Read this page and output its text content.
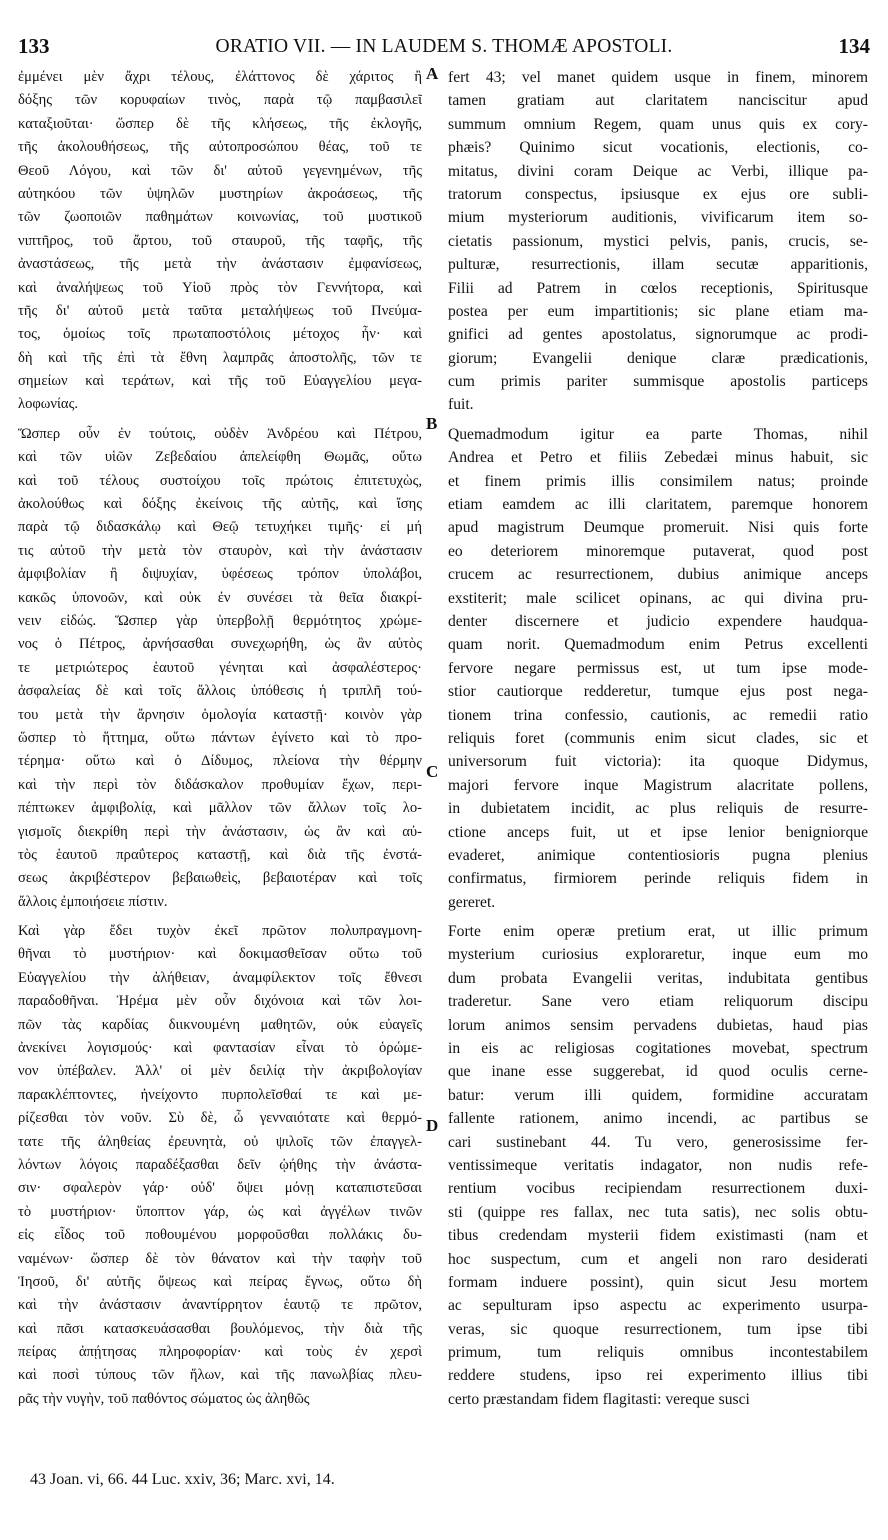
133	ORATIO VII. — IN LAUDEM S. THOMÆ APOSTOLI.	134
ἐμμένει μὲν ἄχρι τέλους, ἐλάττονος δὲ χάριτος ἢ
δόξης τῶν κορυφαίων τινὸς, παρὰ τῷ παμβασιλεῖ
καταξιοῦται· ὥσπερ δὲ τῆς κλήσεως, τῆς ἐκλογῆς,
τῆς ἀκολουθήσεως, τῆς αὐτοπροσώπου θέας, τοῦ τε
Θεοῦ Λόγου, καὶ τῶν δι' αὐτοῦ γεγενημένων, τῆς
αὐτηκόου τῶν ὑψηλῶν μυστηρίων ἀκροάσεως, τῆς
τῶν ζωοποιῶν παθημάτων κοινωνίας, τοῦ μυστικοῦ
νιπτῆρος, τοῦ ἄρτου, τοῦ σταυροῦ, τῆς ταφῆς, τῆς
ἀναστάσεως, τῆς μετὰ τὴν ἀνάστασιν ἐμφανίσεως,
καὶ ἀναλήψεως τοῦ Υἱοῦ πρὸς τὸν Γεννήτορα, καὶ
τῆς δι' αὐτοῦ μετὰ ταῦτα μεταλήψεως τοῦ Πνεύμα-
τος, ὁμοίως τοῖς πρωταποστόλοις μέτοχος ἦν· καὶ
δὴ καὶ τῆς ἐπὶ τὰ ἔθνη λαμπρᾶς ἀποστολῆς, τῶν τε
σημείων καὶ τεράτων, καὶ τῆς τοῦ Εὐαγγελίου μεγα-
λοφωνίας.
Ὥσπερ οὖν ἐν τούτοις, οὐδὲν Ἀνδρέου καὶ Πέτρου,
καὶ τῶν υἱῶν Ζεβεδαίου ἀπελείφθη Θωμᾶς, οὕτω
καὶ τοῦ τέλους συστοίχου τοῖς πρώτοις ἐπιτετυχὼς,
ἀκολούθως καὶ δόξης ἐκείνοις τῆς αὐτῆς, καὶ ἴσης
παρὰ τῷ διδασκάλῳ καὶ Θεῷ τετυχήκει τιμῆς· εἰ μή
τις αὐτοῦ τὴν μετὰ τὸν σταυρὸν, καὶ τὴν ἀνάστασιν
ἀμφιβολίαν ἢ διψυχίαν, ὑφέσεως τρόπον ὑπολάβοι,
κακῶς ὑπονοῶν, καὶ οὐκ ἐν συνέσει τὰ θεῖα διακρί-
νειν εἰδώς. Ὥσπερ γὰρ ὑπερβολῇ θερμότητος χρώμε-
νος ὁ Πέτρος, ἀρνήσασθαι συνεχωρήθη, ὡς ἂν αὐτὸς
τε μετριώτερος ἑαυτοῦ γένηται καὶ ἀσφαλέστερος·
ἀσφαλείας δὲ καὶ τοῖς ἄλλοις ὑπόθεσις ἡ τριπλῆ τού-
του μετὰ τὴν ἄρνησιν ὁμολογία καταστῇ· κοινὸν γὰρ
ὥσπερ τὸ ἥττημα, οὕτω πάντων ἐγίνετο καὶ τὸ προ-
τέρημα· οὕτω καὶ ὁ Δίδυμος, πλείονα τὴν θέρμην
καὶ τὴν περὶ τὸν διδάσκαλον προθυμίαν ἔχων, περι-
πέπτωκεν ἀμφιβολίᾳ, καὶ μᾶλλον τῶν ἄλλων τοῖς λο-
γισμοῖς διεκρίθη περὶ τὴν ἀνάστασιν, ὡς ἂν καὶ αὐ-
τὸς ἑαυτοῦ πραΰτερος καταστῇ, καὶ διὰ τῆς ἐνστά-
σεως ἀκριβέστερον βεβαιωθεὶς, βεβαιοτέραν καὶ τοῖς
ἄλλοις ἐμποιήσειε πίστιν.
Καὶ γὰρ ἔδει τυχὸν ἐκεῖ πρῶτον πολυπραγμονη-
θῆναι τὸ μυστήριον· καὶ δοκιμασθεῖσαν οὕτω τοῦ
Εὐαγγελίου τὴν ἀλήθειαν, ἀναμφίλεκτον τοῖς ἔθνεσι
παραδοθῆναι. Ἠρέμα μὲν οὖν διχόνοια καὶ τῶν λοι-
πῶν τὰς καρδίας διικνουμένη μαθητῶν, οὐκ εὐαγεῖς
ἀνεκίνει λογισμούς· καὶ φαντασίαν εἶναι τὸ ὁρώμε-
νον ὑπέβαλεν. Ἀλλ' οἱ μὲν δειλίᾳ τὴν ἀκριβολογίαν
παρακλέπτοντες, ἠνείχοντο πυρπολεῖσθαί τε καὶ με-
ρίζεσθαι τὸν νοῦν. Σὺ δὲ, ὦ γενναιότατε καὶ θερμό-
τατε τῆς ἀληθείας ἐρευνητὰ, οὐ ψιλοῖς τῶν ἐπαγγελ-
λόντων λόγοις παραδέξασθαι δεῖν ᾠήθης τὴν ἀνάστα-
σιν· σφαλερὸν γάρ· οὐδ' ὄψει μόνῃ καταπιστεῦσαι
τὸ μυστήριον· ὕποπτον γάρ, ὡς καὶ ἀγγέλων τινῶν
εἰς εἶδος τοῦ ποθουμένου μορφοῦσθαι πολλάκις δυ-
ναμένων· ὥσπερ δὲ τὸν θάνατον καὶ τὴν ταφὴν τοῦ
Ἰησοῦ, δι' αὐτῆς ὄψεως καὶ πείρας ἔγνως, οὕτω δὴ
καὶ τὴν ἀνάστασιν ἀναντίρρητον ἑαυτῷ τε πρῶτον,
καὶ πᾶσι κατασκευάσασθαι βουλόμενος, τὴν διὰ τῆς
πείρας ἀπῄτησας πληροφορίαν· καὶ τοὺς ἐν χερσὶ
καὶ ποσὶ τύπους τῶν ἥλων, καὶ τῆς πανωλβίας πλευ-
ρᾶς τὴν νυγὴν, τοῦ παθόντος σώματος ὡς ἀληθῶς
fert 43; vel manet quidem usque in finem, minorem
tamen gratiam aut claritatem nanciscitur apud
summum omnium Regem, quam unus quis ex cory-
phæis? Quinimo sicut vocationis, electionis, co-
mitatus, divini coram Deique ac Verbi, illique pa-
tratorum conspectus, ipsiusque ex ejus ore subli-
mium mysteriorum auditionis, vivificarum item so-
cietatis passionum, mystici pelvis, panis, crucis, se-
pulturæ, resurrectionis, illam secutæ apparitionis,
Filii ad Patrem in cœlos receptionis, Spiritusque
postea per eum impartitionis; sic plane etiam ma-
gnifici ad gentes apostolatus, signorumque ac prodi-
giorum; Evangelii denique claræ prædicationis,
cum primis pariter summisque apostolis particeps
fuit.
Quemadmodum igitur ea parte Thomas, nihil
Andrea et Petro et filiis Zebedæi minus habuit, sic
et finem primis illis consimilem natus; proinde
etiam eamdem ac illi claritatem, paremque honorem
apud magistrum Deumque promeruit. Nisi quis forte
eo deteriorem minoremque putaverat, quod post
crucem ac resurrectionem, dubius animique anceps
exstiterit; male scilicet opinans, ac qui divina pru-
denter discernere et judicio expendere haudqua-
quam norit. Quemadmodum enim Petrus excellenti
fervore negare permissus est, ut tum ipse mode-
stior cautiorque redderetur, tumque ejus post nega-
tionem trina confessio, cautionis, ac remedii ratio
reliquis foret (communis enim sicut clades, sic et
universorum fuit victoria): ita quoque Didymus,
majori fervore inque Magistrum alacritate pollens,
in dubietatem incidit, ac plus reliquis de resurre-
ctione anceps fuit, ut et ipse lenior benigniorque
evaderet, animique contentiosioris pugna plenius
confirmatus, firmiorem perinde reliquis fidem in
gereret.
Forte enim operæ pretium erat, ut illic primum
mysterium curiosius exploraretur, inque eum mo
dum probata Evangelii veritas, indubitata gentibus
traderetur. Sane vero etiam reliquorum discipu
lorum animos sensim pervadens dubietas, haud pias
in eis ac religiosas cogitationes movebat, spectrum
que inane esse suggerebat, id quod oculis cerne-
batur: verum illi quidem, formidine accuratam
fallente rationem, animo incendi, ac partibus se
cari sustinebant 44. Tu vero, generosissime fer-
ventissimeque veritatis indagator, non nudis refe-
rentium vocibus recipiendam resurrectionem duxi-
sti (quippe res fallax, nec tuta satis), nec solis obtu-
tibus credendam mysterii fidem existimasti (nam et
hoc suspectum, cum et angeli non raro desiderati
formam induere possint), quin sicut Jesu mortem
ac sepulturam ipso aspectu ac experimento usurpa-
veras, sic quoque resurrectionem, tum ipse tibi
primum, tum reliquis omnibus incontestabilem
reddere studens, ipso rei experimento illius tibi
certo præstandam fidem flagitasti: vereque susci
A
B
C
D
43 Joan. vi, 66. 44 Luc. xxiv, 36; Marc. xvi, 14.
